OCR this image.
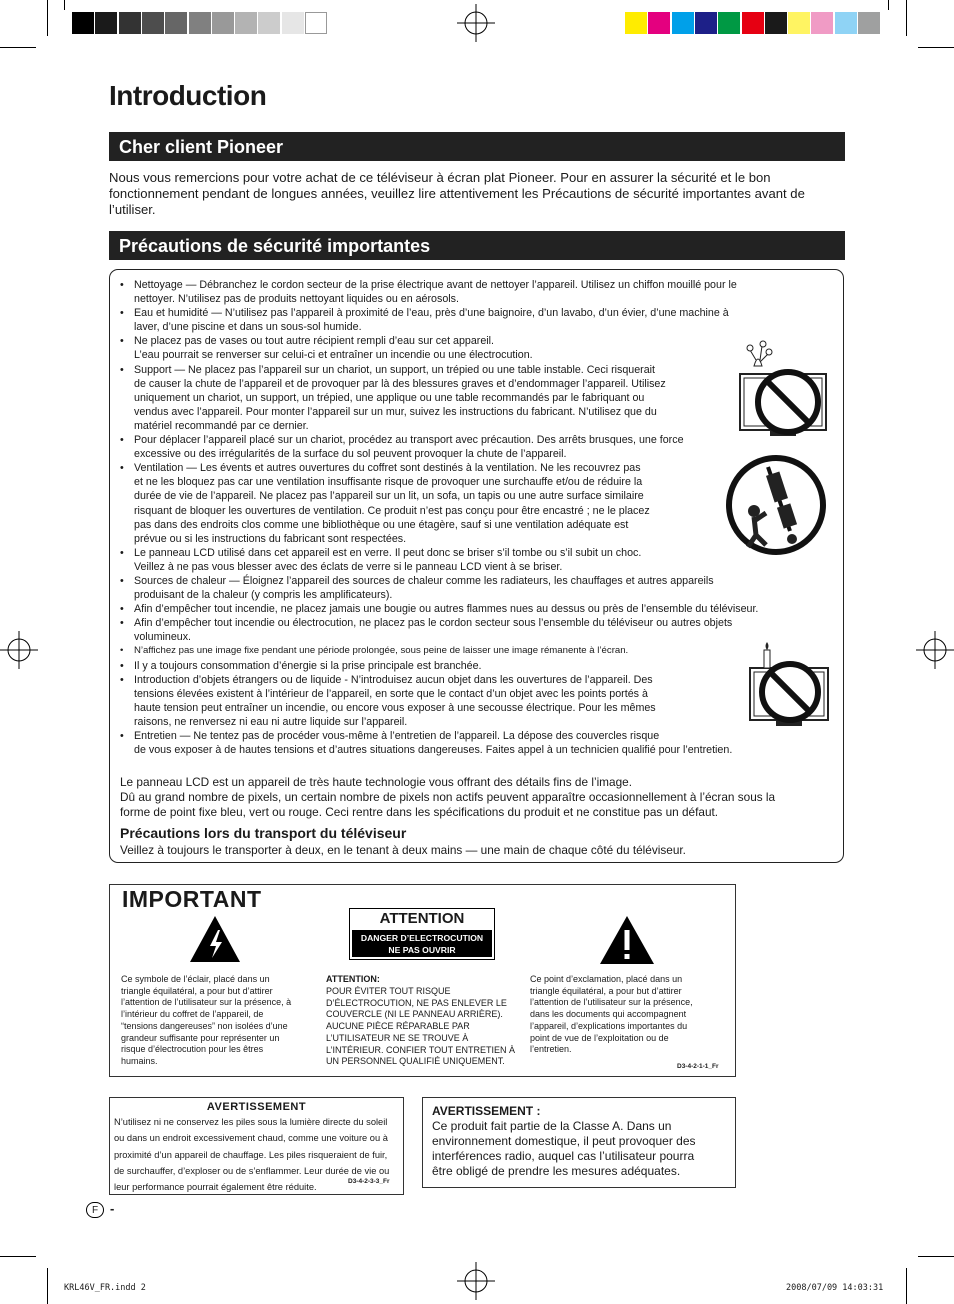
Introduction
Cher client Pioneer
Nous vous remercions pour votre achat de ce téléviseur à écran plat Pioneer. Pour en assurer la sécurité et le bon fonctionnement pendant de longues années, veuillez lire attentivement les Précautions de sécurité importantes avant de l’utiliser.
Précautions de sécurité importantes
• Nettoyage — Débranchez le cordon secteur de la prise électrique avant de nettoyer l’appareil. Utilisez un chiffon mouillé pour le
nettoyer. N’utilisez pas de produits nettoyant liquides ou en aérosols.
• Eau et humidité — N’utilisez pas l’appareil à proximité de l’eau, près d’une baignoire, d’un lavabo, d’un évier, d’une machine à
laver, d’une piscine et dans un sous-sol humide.
• Ne placez pas de vases ou tout autre récipient rempli d’eau sur cet appareil.
L’eau pourrait se renverser sur celui-ci et entraîner un incendie ou une électrocution.
• Support — Ne placez pas l’appareil sur un chariot, un support, un trépied ou une table instable. Ceci risquerait
de causer la chute de l’appareil et de provoquer par là des blessures graves et d’endommager l’appareil. Utilisez
uniquement un chariot, un support, un trépied, une applique ou une table recommandés par le fabriquant ou
vendus avec l’appareil. Pour monter l’appareil sur un mur, suivez les instructions du fabricant. N’utilisez que du
matériel recommandé par ce dernier.
• Pour déplacer l’appareil placé sur un chariot, procédez au transport avec précaution. Des arrêts brusques, une force
excessive ou des irrégularités de la surface du sol peuvent provoquer la chute de l’appareil.
• Ventilation — Les évents et autres ouvertures du coffret sont destinés à la ventilation. Ne les recouvrez pas
et ne les bloquez pas car une ventilation insuffisante risque de provoquer une surchauffe et/ou de réduire la
durée de vie de l’appareil. Ne placez pas l’appareil sur un lit, un sofa, un tapis ou une autre surface similaire
risquant de bloquer les ouvertures de ventilation. Ce produit n’est pas conçu pour être encastré ; ne le placez
pas dans des endroits clos comme une bibliothèque ou une étagère, sauf si une ventilation adéquate est
prévue ou si les instructions du fabricant sont respectées.
• Le panneau LCD utilisé dans cet appareil est en verre. Il peut donc se briser s’il tombe ou s’il subit un choc.
Veillez à ne pas vous blesser avec des éclats de verre si le panneau LCD vient à se briser.
• Sources de chaleur — Éloignez l’appareil des sources de chaleur comme les radiateurs, les chauffages et autres appareils
produisant de la chaleur (y compris les amplificateurs).
• Afin d’empêcher tout incendie, ne placez jamais une bougie ou autres flammes nues au dessus ou près de l’ensemble du téléviseur.
• Afin d’empêcher tout incendie ou électrocution, ne placez pas le cordon secteur sous l’ensemble du téléviseur ou autres objets
volumineux.
• N’affichez pas une image fixe pendant une période prolongée, sous peine de laisser une image rémanente à l’écran.
• Il y a toujours consommation d’énergie si la prise principale est branchée.
• Introduction d’objets étrangers ou de liquide - N’introduisez aucun objet dans les ouvertures de l’appareil. Des
tensions élevées existent à l’intérieur de l’appareil, en sorte que le contact d’un objet avec les points portés à
haute tension peut entraîner un incendie, ou encore vous exposer à une secousse électrique. Pour les mêmes
raisons, ne renversez ni eau ni autre liquide sur l’appareil.
• Entretien — Ne tentez pas de procéder vous-même à l’entretien de l’appareil. La dépose des couvercles risque
de vous exposer à de hautes tensions et d’autres situations dangereuses. Faites appel à un technicien qualifié pour l’entretien.
Le panneau LCD est un appareil de très haute technologie vous offrant des détails fins de l’image.
Dû au grand nombre de pixels, un certain nombre de pixels non actifs peuvent apparaître occasionnellement à l’écran sous la
forme de point fixe bleu, vert ou rouge. Ceci rentre dans les spécifications du produit et ne constitue pas un défaut.
Précautions lors du transport du téléviseur
Veillez à toujours le transporter à deux, en le tenant à deux mains — une main de chaque côté du téléviseur.
IMPORTANT
ATTENTION
DANGER D’ELECTROCUTION
NE PAS OUVRIR
Ce symbole de l’éclair, placé dans un
triangle équilatéral, a pour but d’attirer
l’attention de l’utilisateur sur la présence, à
l’intérieur du coffret de l’appareil, de
“tensions dangereuses” non isolées d’une
grandeur suffisante pour représenter un
risque d’électrocution pour les êtres
humains.
ATTENTION:
POUR ÉVITER TOUT RISQUE
D’ÉLECTROCUTION, NE PAS ENLEVER LE
COUVERCLE (NI LE PANNEAU ARRIÈRE).
AUCUNE PIÈCE RÉPARABLE PAR
L’UTILISATEUR NE SE TROUVE À
L’INTÉRIEUR. CONFIER TOUT ENTRETIEN À
UN PERSONNEL QUALIFIÉ UNIQUEMENT.
Ce point d’exclamation, placé dans un
triangle équilatéral, a pour but d’attirer
l’attention de l’utilisateur sur la présence,
dans les documents qui accompagnent
l’appareil, d’explications importantes du
point de vue de l’exploitation ou de
l’entretien.
D3-4-2-1-1_Fr
AVERTISSEMENT
N’utilisez ni ne conservez les piles sous la lumière directe du soleil
ou dans un endroit excessivement chaud, comme une voiture ou à
proximité d’un appareil de chauffage. Les piles risqueraient de fuir,
de surchauffer, d’exploser ou de s’enflammer. Leur durée de vie ou
leur performance pourrait également être réduite.
D3-4-2-3-3_Fr
AVERTISSEMENT :
Ce produit fait partie de la Classe A. Dans un
environnement domestique, il peut provoquer des
interférences radio, auquel cas l’utilisateur pourra
être obligé de prendre les mesures adéquates.
F -
KRL46V_FR.indd 2	2008/07/09 14:03:31
